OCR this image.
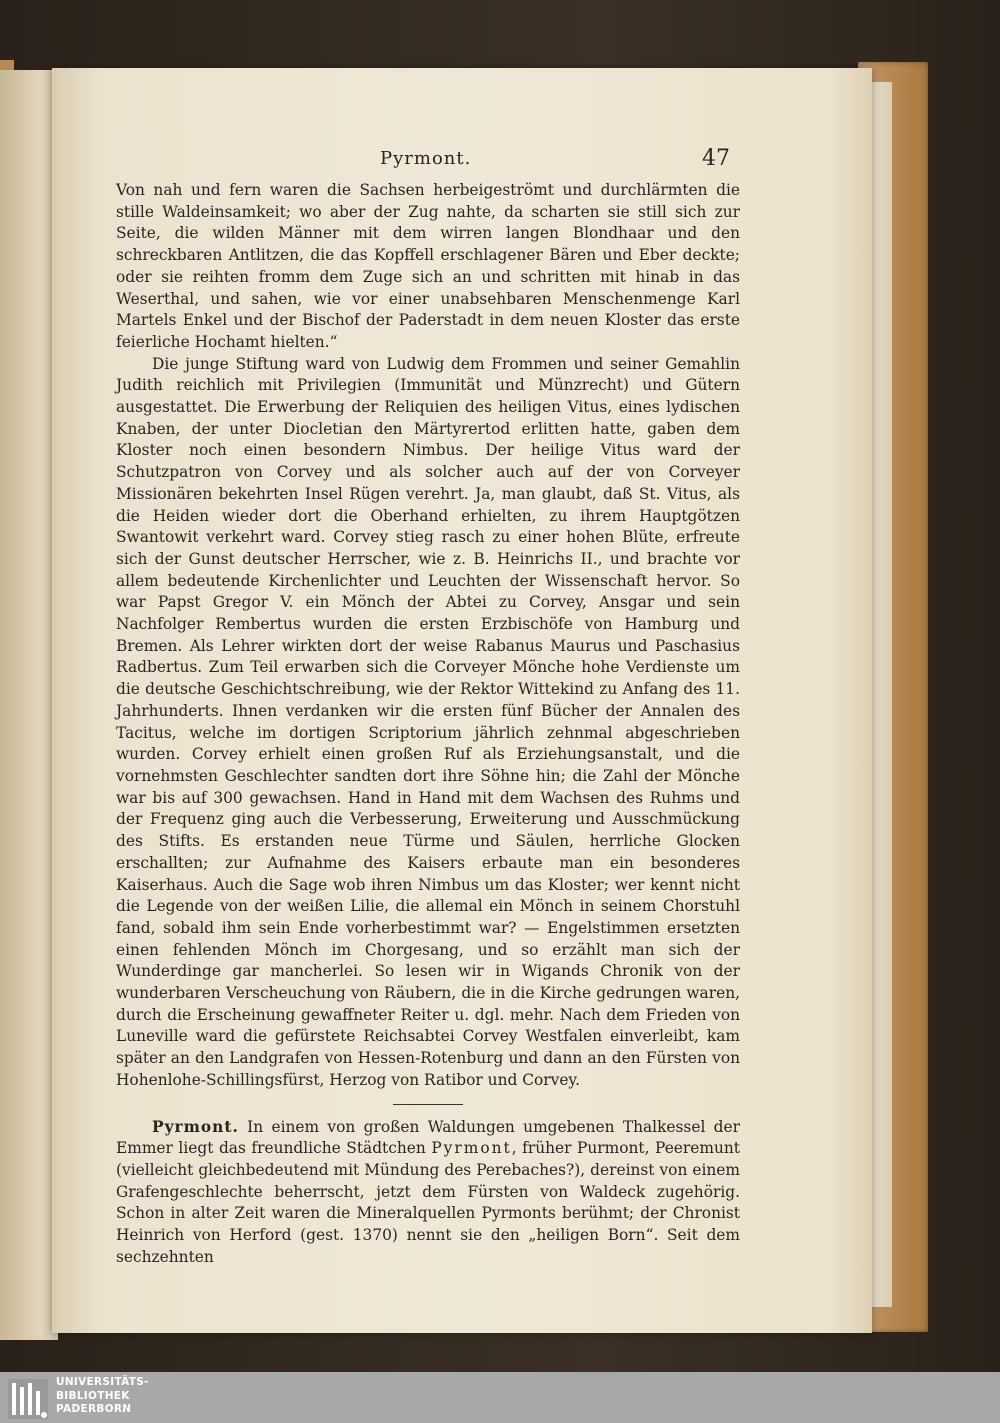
Pyrmont.	47

Von nah und fern waren die Sachsen herbeigeströmt und durchlärmten die stille Waldeinsamkeit; wo aber der Zug nahte, da scharten sie still sich zur Seite, die wilden Männer mit dem wirren langen Blondhaar und den schreckbaren Antlitzen, die das Kopffell erschlagener Bären und Eber deckte; oder sie reihten fromm dem Zuge sich an und schritten mit hinab in das Weserthal, und sahen, wie vor einer unabsehbaren Menschenmenge Karl Martels Enkel und der Bischof der Paderstadt in dem neuen Kloster das erste feierliche Hochamt hielten.“

Die junge Stiftung ward von Ludwig dem Frommen und seiner Gemahlin Judith reichlich mit Privilegien (Immunität und Münzrecht) und Gütern ausgestattet. Die Erwerbung der Reliquien des heiligen Vitus, eines lydischen Knaben, der unter Diocletian den Märtyrertod erlitten hatte, gaben dem Kloster noch einen besondern Nimbus. Der heilige Vitus ward der Schutzpatron von Corvey und als solcher auch auf der von Corveyer Missionären bekehrten Insel Rügen verehrt. Ja, man glaubt, daß St. Vitus, als die Heiden wieder dort die Oberhand erhielten, zu ihrem Hauptgötzen Swantowit verkehrt ward. Corvey stieg rasch zu einer hohen Blüte, erfreute sich der Gunst deutscher Herrscher, wie z. B. Heinrichs II., und brachte vor allem bedeutende Kirchenlichter und Leuchten der Wissenschaft hervor. So war Papst Gregor V. ein Mönch der Abtei zu Corvey, Ansgar und sein Nachfolger Rembertus wurden die ersten Erzbischöfe von Hamburg und Bremen. Als Lehrer wirkten dort der weise Rabanus Maurus und Paschasius Radbertus. Zum Teil erwarben sich die Corveyer Mönche hohe Verdienste um die deutsche Geschichtschreibung, wie der Rektor Wittekind zu Anfang des 11. Jahrhunderts. Ihnen verdanken wir die ersten fünf Bücher der Annalen des Tacitus, welche im dortigen Scriptorium jährlich zehnmal abgeschrieben wurden. Corvey erhielt einen großen Ruf als Erziehungsanstalt, und die vornehmsten Geschlechter sandten dort ihre Söhne hin; die Zahl der Mönche war bis auf 300 gewachsen. Hand in Hand mit dem Wachsen des Ruhms und der Frequenz ging auch die Verbesserung, Erweiterung und Ausschmückung des Stifts. Es erstanden neue Türme und Säulen, herrliche Glocken erschallten; zur Aufnahme des Kaisers erbaute man ein besonderes Kaiserhaus. Auch die Sage wob ihren Nimbus um das Kloster; wer kennt nicht die Legende von der weißen Lilie, die allemal ein Mönch in seinem Chorstuhl fand, sobald ihm sein Ende vorherbestimmt war? — Engelstimmen ersetzten einen fehlenden Mönch im Chorgesang, und so erzählt man sich der Wunderdinge gar mancherlei. So lesen wir in Wigands Chronik von der wunderbaren Verscheuchung von Räubern, die in die Kirche gedrungen waren, durch die Erscheinung gewaffneter Reiter u. dgl. mehr. Nach dem Frieden von Luneville ward die gefürstete Reichsabtei Corvey Westfalen einverleibt, kam später an den Landgrafen von Hessen-Rotenburg und dann an den Fürsten von Hohenlohe-Schillingsfürst, Herzog von Ratibor und Corvey.

Pyrmont. In einem von großen Waldungen umgebenen Thalkessel der Emmer liegt das freundliche Städtchen Pyrmont, früher Purmont, Peeremunt (vielleicht gleichbedeutend mit Mündung des Perebaches?), dereinst von einem Grafengeschlechte beherrscht, jetzt dem Fürsten von Waldeck zugehörig. Schon in alter Zeit waren die Mineralquellen Pyrmonts berühmt; der Chronist Heinrich von Herford (gest. 1370) nennt sie den „heiligen Born“. Seit dem sechzehnten

UNIVERSITÄTS-
BIBLIOTHEK
PADERBORN
